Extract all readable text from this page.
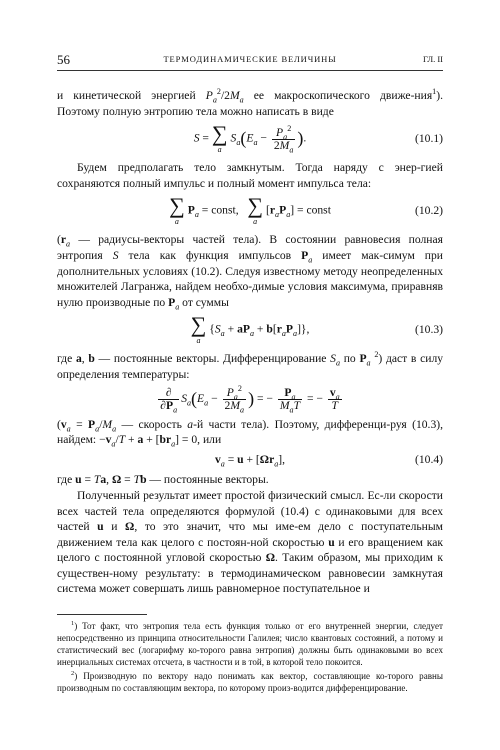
56	ТЕРМОДИНАМИЧЕСКИЕ ВЕЛИЧИНЫ	ГЛ. II

и кинетической энергией $P_a^2/2M_a$ ее макроскопического движе-ния$^1$). Поэтому полную энтропию тела можно написать в виде

S = ∑
a
$S_a(E_a - \frac{P_a^2}{2M_a}$ ).	(10.1)

Будем предполагать тело замкнутым. Тогда наряду с энер-гией сохраняются полный импульс и полный момент импульса тела:

∑
a
$P_a$ = const, ∑
a
$[r_aP_a]$ = const	(10.2)

($r_a$ — радиусы-векторы частей тела). В состоянии равновесия полная энтропия S тела как функция импульсов $P_a$ имеет мак-симум при дополнительных условиях (10.2). Следуя известному методу неопределенных множителей Лагранжа, найдем необхо-димые условия максимума, приравняв нулю производные по $P_a$ от суммы

∑
a
$\{S_a + aP_a + b[r_aP_a]\}$,	(10.3)

где a, b — постоянные векторы. Дифференцирование $S_a$ по $P_a$ $^2$) даст в силу определения температуры:

$\frac{\partial}{\partial P_a} S_a(E_a - \frac{P_a^2}{2M_a}$ ) = − $\frac{P_a}{M_aT}$ = − $\frac{v_a}{T}$

($v_a = P_a/M_a$ — скорость a-й части тела). Поэтому, дифференци-руя (10.3), найдем: $-v_a/T + a + [br_a] = 0$, или

$v_a = u + [\Omega r_a]$,	(10.4)

где u = Ta, Ω = Tb — постоянные векторы.

Полученный результат имеет простой физический смысл. Ес-ли скорости всех частей тела определяются формулой (10.4) с одинаковыми для всех частей u и Ω, то это значит, что мы име-ем дело с поступательным движением тела как целого с постоян-ной скоростью u и его вращением как целого с постоянной угловой скоростью Ω. Таким образом, мы приходим к существен-ному результату: в термодинамическом равновесии замкнутая система может совершать лишь равномерное поступательное и

$^1$) Тот факт, что энтропия тела есть функция только от его внутренней энергии, следует непосредственно из принципа относительности Галилея; число квантовых состояний, а потому и статистический вес (логарифму ко-торого равна энтропия) должны быть одинаковыми во всех инерциальных системах отсчета, в частности и в той, в которой тело покоится.

$^2$) Производную по вектору надо понимать как вектор, составляющие ко-торого равны производным по составляющим вектора, по которому произ-водится дифференцирование.
